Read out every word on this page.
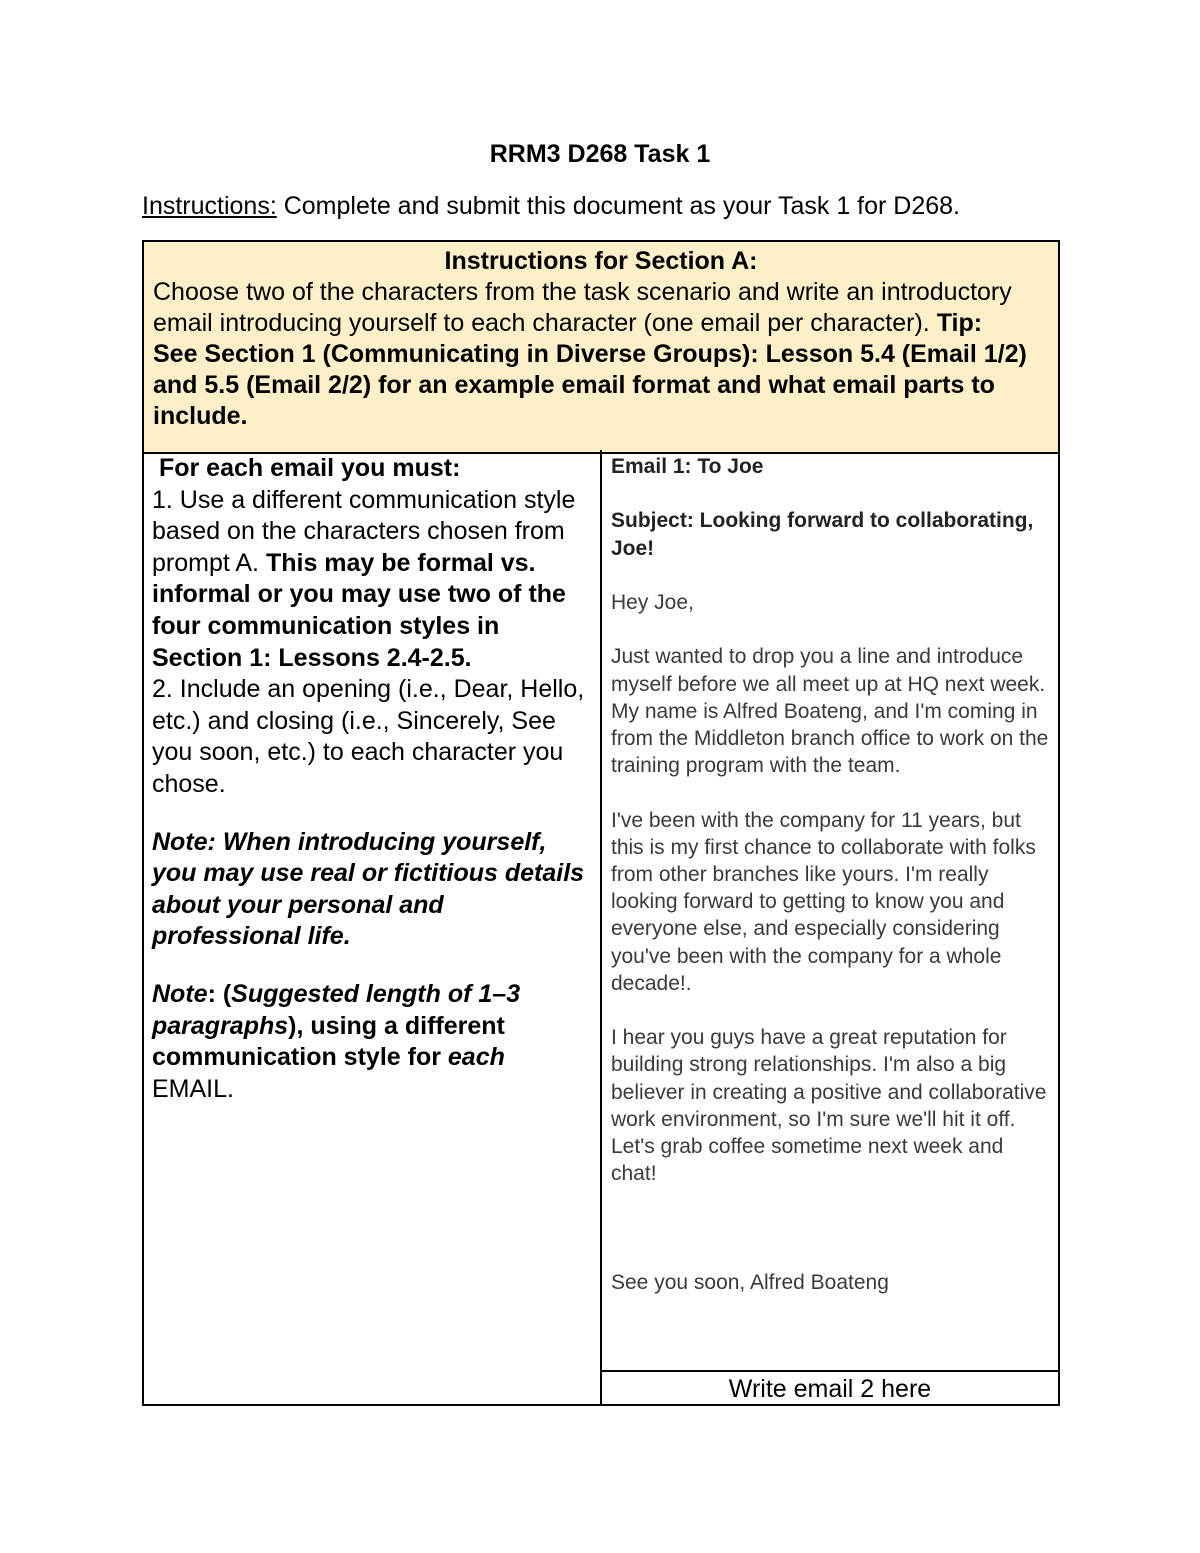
RRM3 D268 Task 1

Instructions: Complete and submit this document as your Task 1 for D268.

Instructions for Section A:

Choose two of the characters from the task scenario and write an introductory email introducing yourself to each character (one email per character). Tip: See Section 1 (Communicating in Diverse Groups): Lesson 5.4 (Email 1/2) and 5.5 (Email 2/2) for an example email format and what email parts to include.

Write email 2 here

For each email you must:

1. Use a different communication style based on the characters chosen from prompt A. This may be formal vs. informal or you may use two of the four communication styles in Section 1: Lessons 2.4-2.5.

2. Include an opening (i.e., Dear, Hello, etc.) and closing (i.e., Sincerely, See you soon, etc.) to each character you chose.

Note: When introducing yourself, you may use real or fictitious details about your personal and professional life.

Note: (Suggested length of 1–3 paragraphs), using a different communication style for each

EMAIL.

Email 1: To Joe

Subject: Looking forward to collaborating, Joe!

Hey Joe,

Just wanted to drop you a line and introduce myself before we all meet up at HQ next week. My name is Alfred Boateng, and I'm coming in from the Middleton branch office to work on the training program with the team.

I've been with the company for 11 years, but this is my first chance to collaborate with folks from other branches like yours. I'm really looking forward to getting to know you and everyone else, and especially considering you've been with the company for a whole decade!.

I hear you guys have a great reputation for building strong relationships. I'm also a big believer in creating a positive and collaborative work environment, so I'm sure we'll hit it off. Let's grab coffee sometime next week and chat!

See you soon, Alfred Boateng
